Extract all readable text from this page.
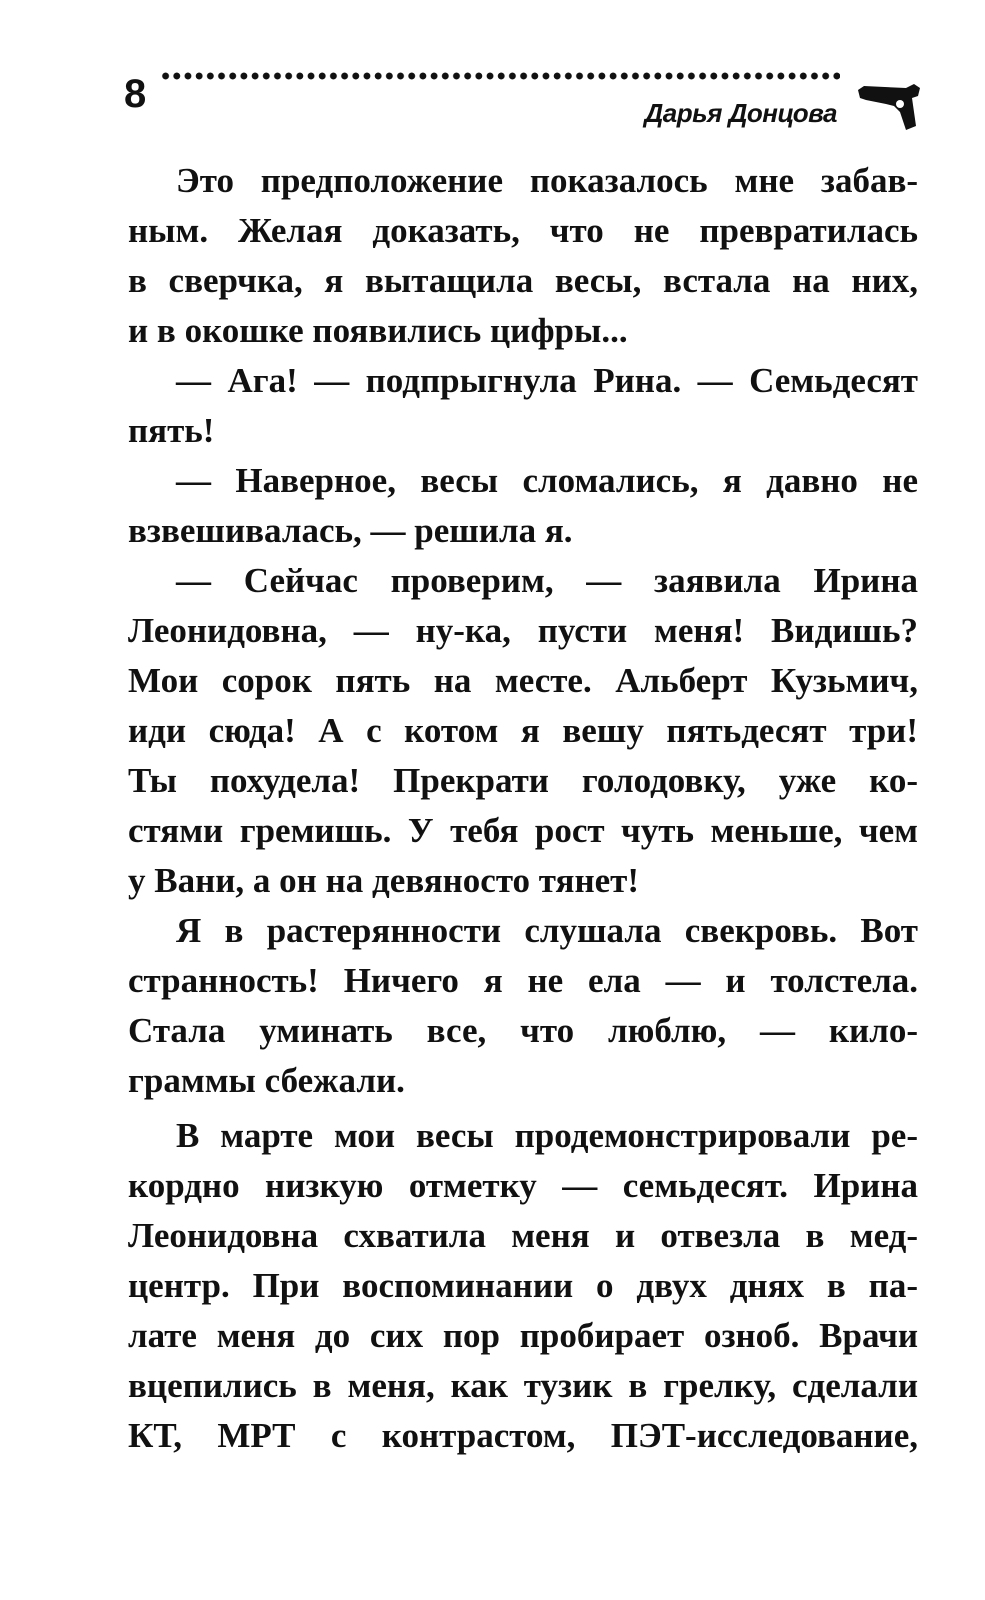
8	Дарья Донцова
Это предположение показалось мне забав-
ным. Желая доказать, что не превратилась
в сверчка, я вытащила весы, встала на них,
и в окошке появились цифры...
— Ага! — подпрыгнула Рина. — Семьдесят
пять!
— Наверное, весы сломались, я давно не
взвешивалась, — решила я.
— Сейчас проверим, — заявила Ирина
Леонидовна, — ну-ка, пусти меня! Видишь?
Мои сорок пять на месте. Альберт Кузьмич,
иди сюда! А с котом я вешу пятьдесят три!
Ты похудела! Прекрати голодовку, уже ко-
стями гремишь. У тебя рост чуть меньше, чем
у Вани, а он на девяносто тянет!
Я в растерянности слушала свекровь. Вот
странность! Ничего я не ела — и толстела.
Стала уминать все, что люблю, — кило-
граммы сбежали.
В марте мои весы продемонстрировали ре-
кордно низкую отметку — семьдесят. Ирина
Леонидовна схватила меня и отвезла в мед-
центр. При воспоминании о двух днях в па-
лате меня до сих пор пробирает озноб. Врачи
вцепились в меня, как тузик в грелку, сделали
КТ, МРТ с контрастом, ПЭТ-исследование,
